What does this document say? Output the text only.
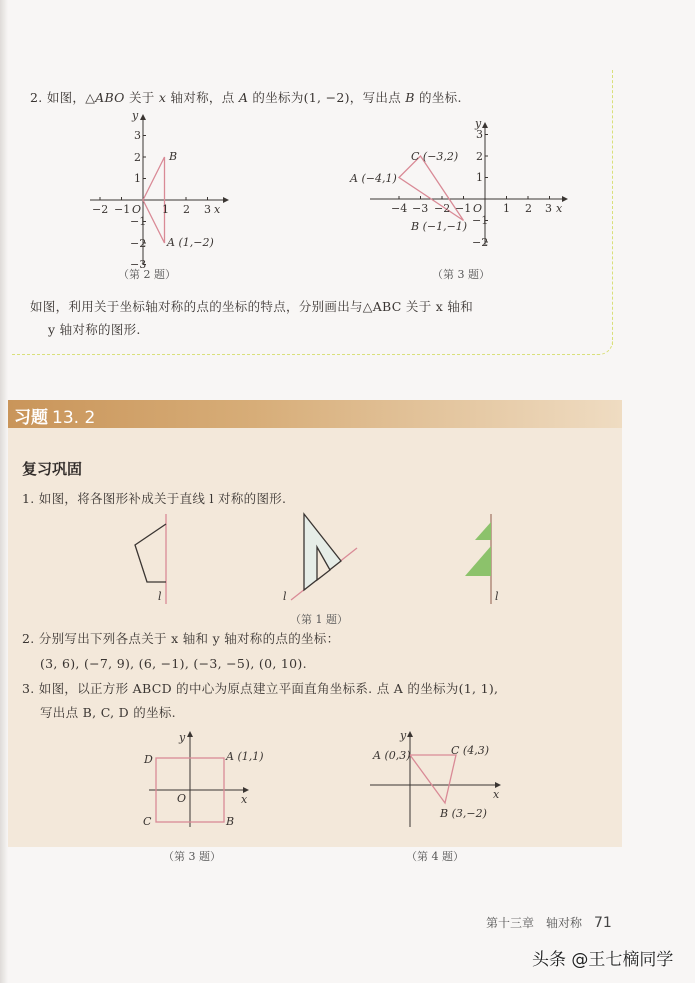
2. 如图，△ABO 关于 x 轴对称，点 A 的坐标为(1, −2)，写出点 B 的坐标.
−2 −1	1 2 3
3
2
1
−1
−2
−3
x
y
O
B
A (1,−2)
（第 2 题）
−4 −3 −2 −1	1 2 3
3
2
1
−1
−2
x
y
O
A (−4,1)
C (−3,2)
B (−1,−1)
（第 3 题）
如图，利用关于坐标轴对称的点的坐标的特点，分别画出与△ABC 关于 x 轴和
y 轴对称的图形.
习题 13. 2
复习巩固
1. 如图，将各图形补成关于直线 l 对称的图形.
l	l	l
（第 1 题）
2. 分别写出下列各点关于 x 轴和 y 轴对称的点的坐标：
(3, 6), (−7, 9), (6, −1), (−3, −5), (0, 10).
3. 如图，以正方形 ABCD 的中心为原点建立平面直角坐标系. 点 A 的坐标为(1, 1),
写出点 B, C, D 的坐标.
x
y
O
A (1,1)
B
C
D
（第 3 题）
x
y
A (0,3)	C (4,3)
B (3,−2)
（第 4 题）
第十三章　轴对称 71
头条 @王七樀同学
